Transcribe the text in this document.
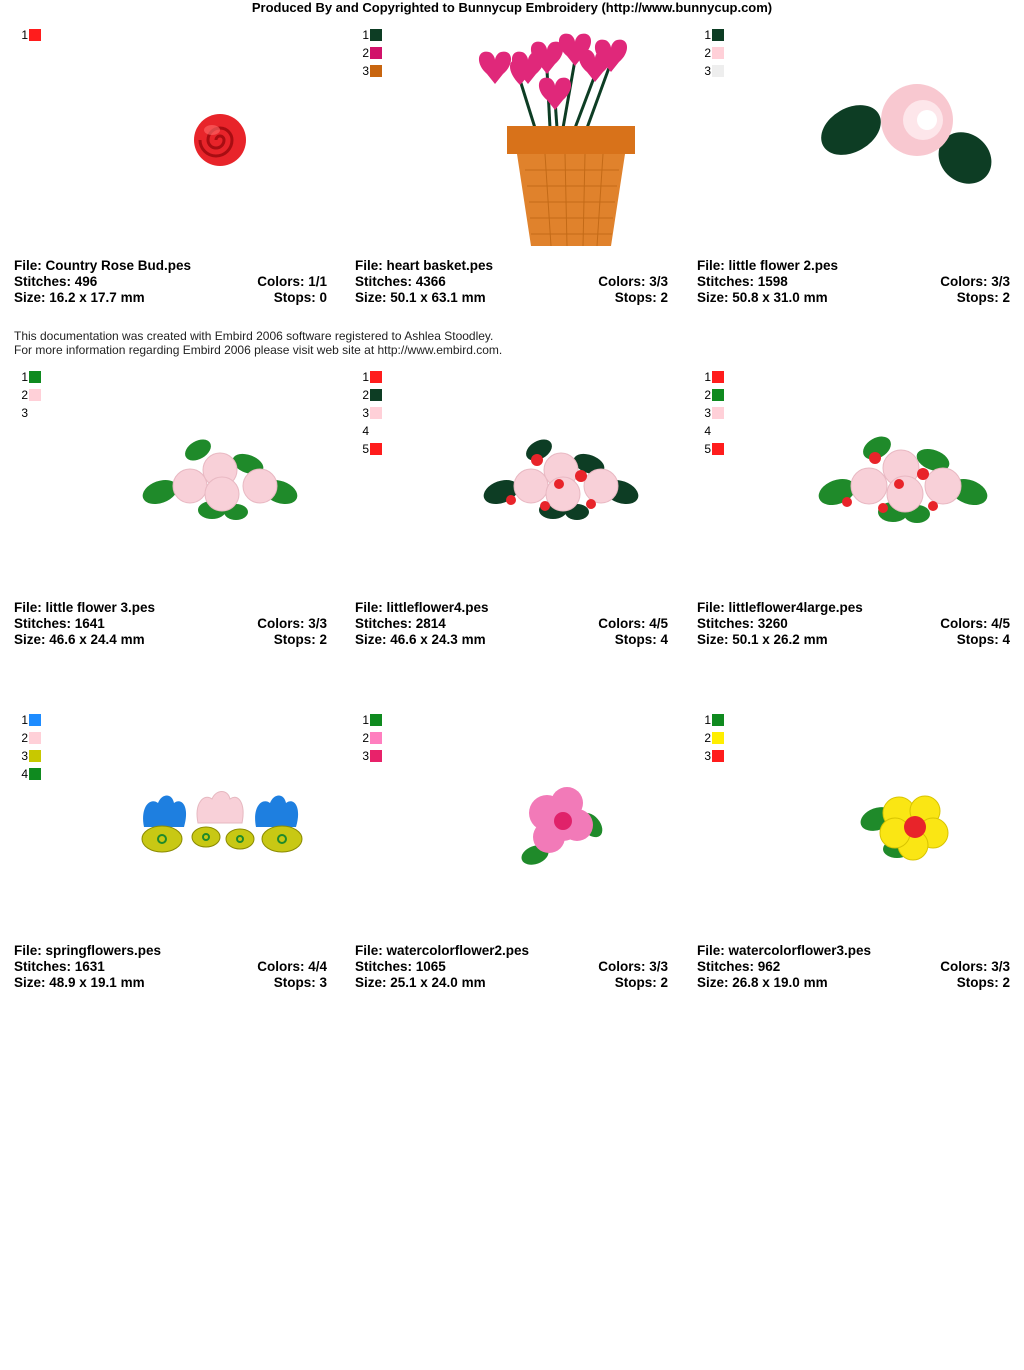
Produced By and Copyrighted to Bunnycup Embroidery (http://www.bunnycup.com)
1
File: Country Rose Bud.pes
Stitches: 496	Colors: 1/1
Size: 16.2 x 17.7 mm	Stops: 0
1
2
3
File: heart basket.pes
Stitches: 4366	Colors: 3/3
Size: 50.1 x 63.1 mm	Stops: 2
1
2
3
File: little flower 2.pes
Stitches: 1598	Colors: 3/3
Size: 50.8 x 31.0 mm	Stops: 2
This documentation was created with Embird 2006 software registered to Ashlea Stoodley.
For more information regarding Embird 2006 please visit web site at http://www.embird.com.
1
2
3
File: little flower 3.pes
Stitches: 1641	Colors: 3/3
Size: 46.6 x 24.4 mm	Stops: 2
1
2
3
4
5
File: littleflower4.pes
Stitches: 2814	Colors: 4/5
Size: 46.6 x 24.3 mm	Stops: 4
1
2
3
4
5
File: littleflower4large.pes
Stitches: 3260	Colors: 4/5
Size: 50.1 x 26.2 mm	Stops: 4
1
2
3
4
File: springflowers.pes
Stitches: 1631	Colors: 4/4
Size: 48.9 x 19.1 mm	Stops: 3
1
2
3
File: watercolorflower2.pes
Stitches: 1065	Colors: 3/3
Size: 25.1 x 24.0 mm	Stops: 2
1
2
3
File: watercolorflower3.pes
Stitches: 962	Colors: 3/3
Size: 26.8 x 19.0 mm	Stops: 2
